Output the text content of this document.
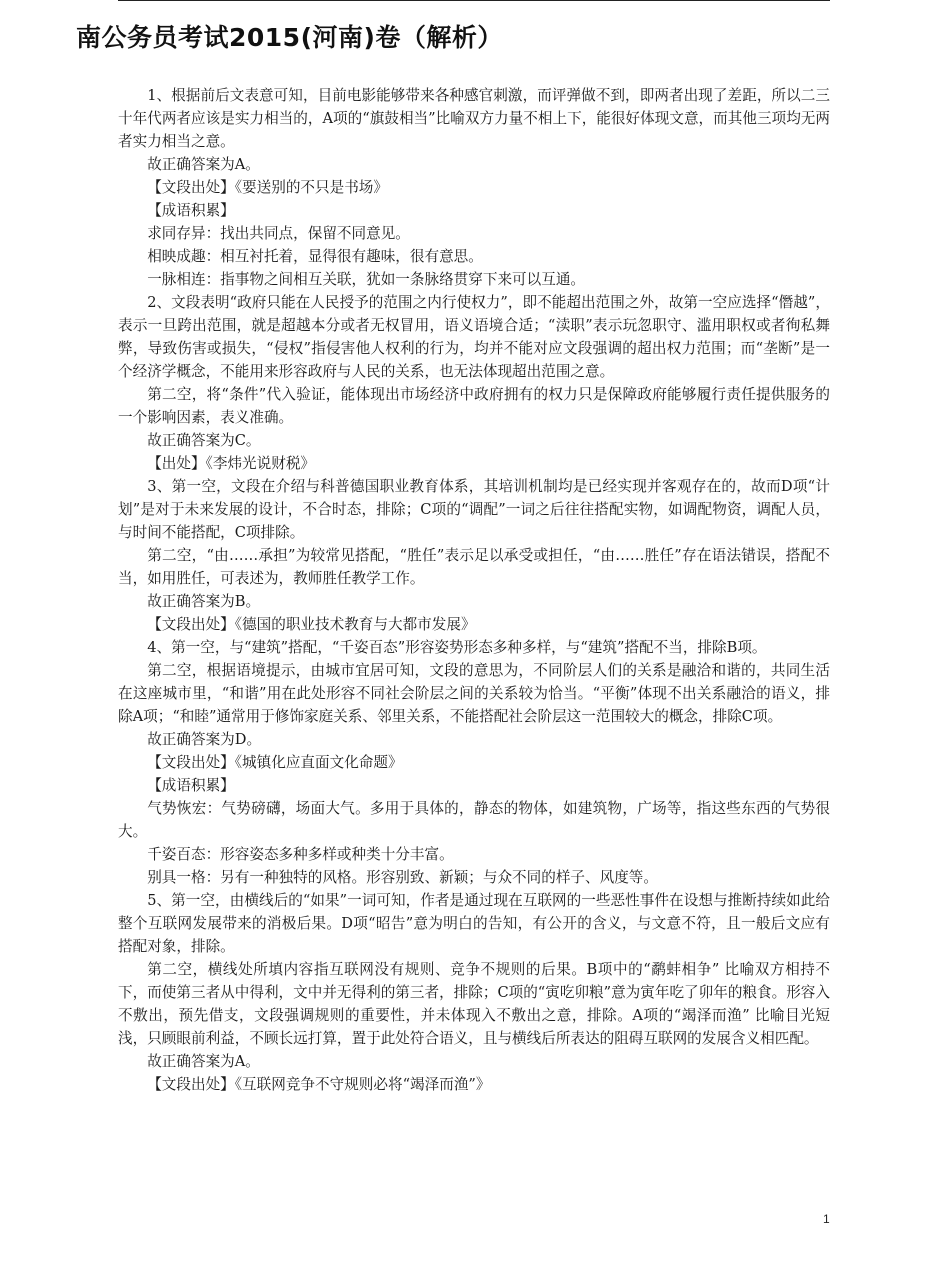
南公务员考试2015(河南)卷（解析）

1、根据前后文表意可知，目前电影能够带来各种感官刺激，而评弹做不到，即两者出现了差距，所以二三十年代两者应该是实力相当的，A项的“旗鼓相当”比喻双方力量不相上下，能很好体现文意，而其他三项均无两者实力相当之意。

故正确答案为A。

【文段出处】《要送别的不只是书场》

【成语积累】

求同存异：找出共同点，保留不同意见。

相映成趣：相互衬托着，显得很有趣味，很有意思。

一脉相连：指事物之间相互关联，犹如一条脉络贯穿下来可以互通。

2、文段表明“政府只能在人民授予的范围之内行使权力”，即不能超出范围之外，故第一空应选择“僭越”，表示一旦跨出范围，就是超越本分或者无权冒用，语义语境合适；“渎职”表示玩忽职守、滥用职权或者徇私舞弊，导致伤害或损失，“侵权”指侵害他人权利的行为，均并不能对应文段强调的超出权力范围；而“垄断”是一个经济学概念，不能用来形容政府与人民的关系，也无法体现超出范围之意。

第二空，将“条件”代入验证，能体现出市场经济中政府拥有的权力只是保障政府能够履行责任提供服务的一个影响因素，表义准确。

故正确答案为C。

【出处】《李炜光说财税》

3、第一空，文段在介绍与科普德国职业教育体系，其培训机制均是已经实现并客观存在的，故而D项“计划”是对于未来发展的设计，不合时态，排除；C项的“调配”一词之后往往搭配实物，如调配物资，调配人员，与时间不能搭配，C项排除。

第二空，“由……承担”为较常见搭配，“胜任”表示足以承受或担任，“由……胜任”存在语法错误，搭配不当，如用胜任，可表述为，教师胜任教学工作。

故正确答案为B。

【文段出处】《德国的职业技术教育与大都市发展》

4、第一空，与“建筑”搭配，“千姿百态”形容姿势形态多种多样，与“建筑”搭配不当，排除B项。

第二空，根据语境提示，由城市宜居可知，文段的意思为，不同阶层人们的关系是融洽和谐的，共同生活在这座城市里，“和谐”用在此处形容不同社会阶层之间的关系较为恰当。“平衡”体现不出关系融洽的语义，排除A项；“和睦”通常用于修饰家庭关系、邻里关系，不能搭配社会阶层这一范围较大的概念，排除C项。

故正确答案为D。

【文段出处】《城镇化应直面文化命题》

【成语积累】

气势恢宏：气势磅礴，场面大气。多用于具体的，静态的物体，如建筑物，广场等，指这些东西的气势很大。

千姿百态：形容姿态多种多样或种类十分丰富。

别具一格：另有一种独特的风格。形容别致、新颖；与众不同的样子、风度等。

5、第一空，由横线后的“如果”一词可知，作者是通过现在互联网的一些恶性事件在设想与推断持续如此给整个互联网发展带来的消极后果。D项“昭告”意为明白的告知，有公开的含义，与文意不符，且一般后文应有搭配对象，排除。

第二空，横线处所填内容指互联网没有规则、竞争不规则的后果。B项中的“鹬蚌相争” 比喻双方相持不下，而使第三者从中得利，文中并无得利的第三者，排除；C项的“寅吃卯粮”意为寅年吃了卯年的粮食。形容入不敷出，预先借支，文段强调规则的重要性，并未体现入不敷出之意，排除。A项的“竭泽而渔” 比喻目光短浅，只顾眼前利益，不顾长远打算，置于此处符合语义，且与横线后所表达的阻碍互联网的发展含义相匹配。

故正确答案为A。

【文段出处】《互联网竞争不守规则必将“竭泽而渔”》

1
